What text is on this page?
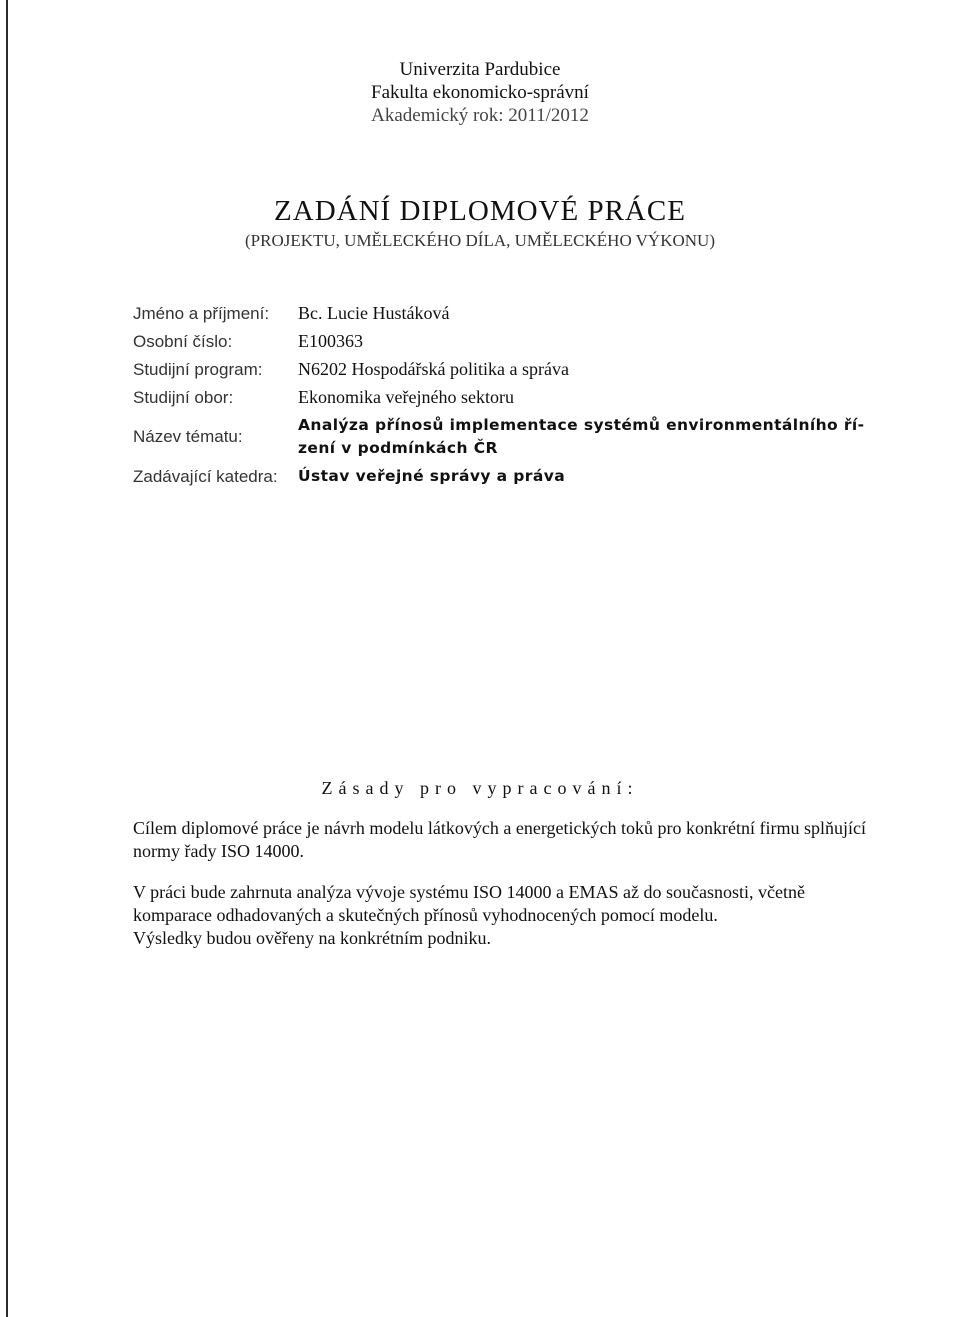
Univerzita Pardubice
Fakulta ekonomicko-správní
Akademický rok: 2011/2012
ZADÁNÍ DIPLOMOVÉ PRÁCE
(PROJEKTU, UMĚLECKÉHO DÍLA, UMĚLECKÉHO VÝKONU)
Jméno a příjmení:	Bc. Lucie Hustáková
Osobní číslo:	E100363
Studijní program:	N6202 Hospodářská politika a správa
Studijní obor:	Ekonomika veřejného sektoru
Název tématu:
Analýza přínosů implementace systémů environmentálního ří-
zení v podmínkách ČR
Zadávající katedra:	Ústav veřejné správy a práva
Zásady pro vypracování:

Cílem diplomové práce je návrh modelu látkových a energetických toků pro konkrétní firmu splňující normy řady ISO 14000.

V práci bude zahrnuta analýza vývoje systému ISO 14000 a EMAS až do současnosti, včetně komparace odhadovaných a skutečných přínosů vyhodnocených pomocí modelu.
Výsledky budou ověřeny na konkrétním podniku.
